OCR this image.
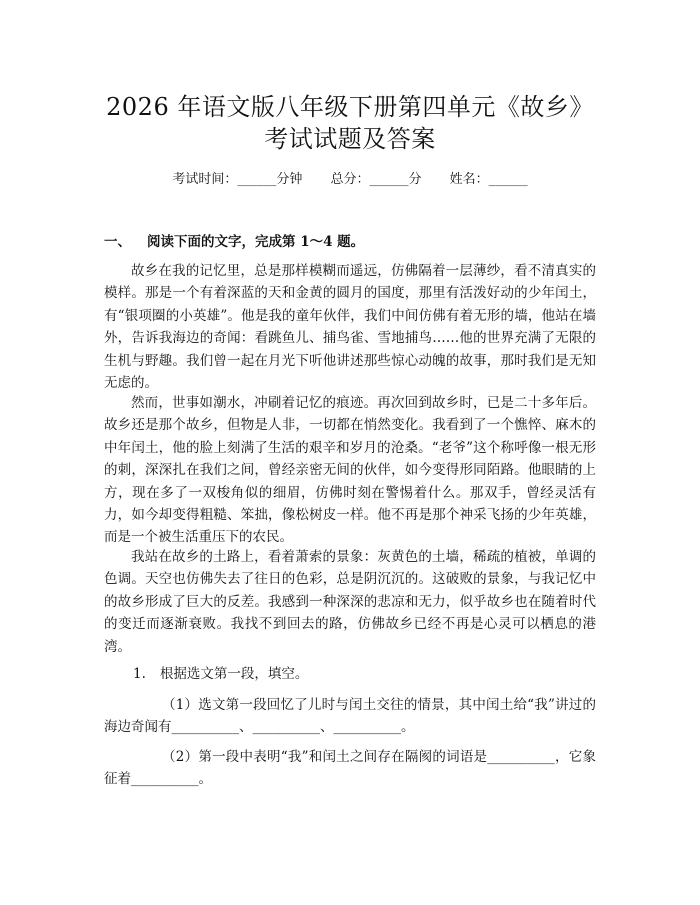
2026 年语文版八年级下册第四单元《故乡》
考试试题及答案
考试时间：______分钟 总分：______分 姓名：______
一、 阅读下面的文字，完成第 1～4 题。
故乡在我的记忆里，总是那样模糊而遥远，仿佛隔着一层薄纱，看不清真实的模样。那是一个有着深蓝的天和金黄的圆月的国度，那里有活泼好动的少年闰土，有“银项圈的小英雄”。他是我的童年伙伴，我们中间仿佛有着无形的墙，他站在墙外，告诉我海边的奇闻：看跳鱼儿、捕鸟雀、雪地捕鸟……他的世界充满了无限的生机与野趣。我们曾一起在月光下听他讲述那些惊心动魄的故事，那时我们是无知无虑的。
然而，世事如潮水，冲刷着记忆的痕迹。再次回到故乡时，已是二十多年后。故乡还是那个故乡，但物是人非，一切都在悄然变化。我看到了一个憔悴、麻木的中年闰土，他的脸上刻满了生活的艰辛和岁月的沧桑。“老爷”这个称呼像一根无形的刺，深深扎在我们之间，曾经亲密无间的伙伴，如今变得形同陌路。他眼睛的上方，现在多了一双梭角似的细眉，仿佛时刻在警惕着什么。那双手，曾经灵活有力，如今却变得粗糙、笨拙，像松树皮一样。他不再是那个神采飞扬的少年英雄，而是一个被生活重压下的农民。
我站在故乡的土路上，看着萧索的景象：灰黄色的土墙，稀疏的植被，单调的色调。天空也仿佛失去了往日的色彩，总是阴沉沉的。这破败的景象，与我记忆中的故乡形成了巨大的反差。我感到一种深深的悲凉和无力，似乎故乡也在随着时代的变迁而逐渐衰败。我找不到回去的路，仿佛故乡已经不再是心灵可以栖息的港湾。
1. 根据选文第一段，填空。
（1）选文第一段回忆了儿时与闰土交往的情景，其中闰土给“我”讲过的海边奇闻有__________、__________、__________。
（2）第一段中表明“我”和闰土之间存在隔阂的词语是__________，它象征着__________。
